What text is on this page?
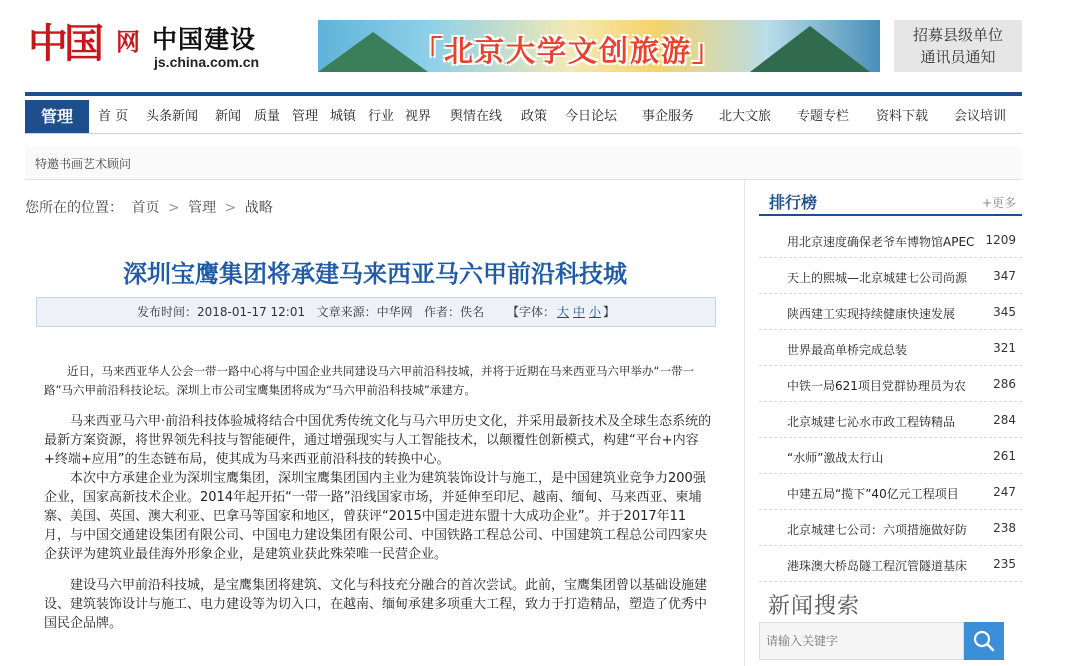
中国 网 中国建设
js.china.com.cn	「北京大学文创旅游」	招募县级单位
通讯员通知
管理	首 页 头条新闻 新闻 质量 管理 城镇 行业 视界 舆情在线 政策 今日论坛 事企服务 北大文旅 专题专栏 资料下载 会议培训
特邀书画艺术顾问
您所在的位置： 首页 > 管理 > 战略
深圳宝鹰集团将承建马来西亚马六甲前沿科技城
发布时间：2018-01-17 12:01 文章来源：中华网 作者：佚名 【字体： 大 中 小 】

近日，马来西亚华人公会一带一路中心将与中国企业共同建设马六甲前沿科技城，并将于近期在马来西亚马六甲举办“一带一路”马六甲前沿科技论坛。深圳上市公司宝鹰集团将成为“马六甲前沿科技城”承建方。

马来西亚马六甲·前沿科技体验城将结合中国优秀传统文化与马六甲历史文化，并采用最新技术及全球生态系统的最新方案资源，将世界领先科技与智能硬件，通过增强现实与人工智能技术，以颠覆性创新模式，构建“平台+内容+终端+应用”的生态链布局，使其成为马来西亚前沿科技的转换中心。

本次中方承建企业为深圳宝鹰集团，深圳宝鹰集团国内主业为建筑装饰设计与施工，是中国建筑业竞争力200强企业，国家高新技术企业。2014年起开拓“一带一路”沿线国家市场，并延伸至印尼、越南、缅甸、马来西亚、柬埔寨、美国、英国、澳大利亚、巴拿马等国家和地区，曾获评“2015中国走进东盟十大成功企业”。并于2017年11月，与中国交通建设集团有限公司、中国电力建设集团有限公司、中国铁路工程总公司、中国建筑工程总公司四家央企获评为建筑业最佳海外形象企业，是建筑业获此殊荣唯一民营企业。

建设马六甲前沿科技城，是宝鹰集团将建筑、文化与科技充分融合的首次尝试。此前，宝鹰集团曾以基础设施建设、建筑装饰设计与施工、电力建设等为切入口，在越南、缅甸承建多项重大工程，致力于打造精品，塑造了优秀中国民企品牌。

排行榜	+更多
用北京速度确保老爷车博物馆APEC 1209
天上的熙城—北京城建七公司尚源	347
陕西建工实现持续健康快速发展	345
世界最高单桥完成总装	321
中铁一局621项目党群协理员为农	286
北京城建七沁水市政工程铸精品	284
“水师”激战太行山	261
中建五局“揽下”40亿元工程项目	247
北京城建七公司：六项措施做好防	238
港珠澳大桥岛隧工程沉管隧道基床	235
新闻搜索
请输入关键字
